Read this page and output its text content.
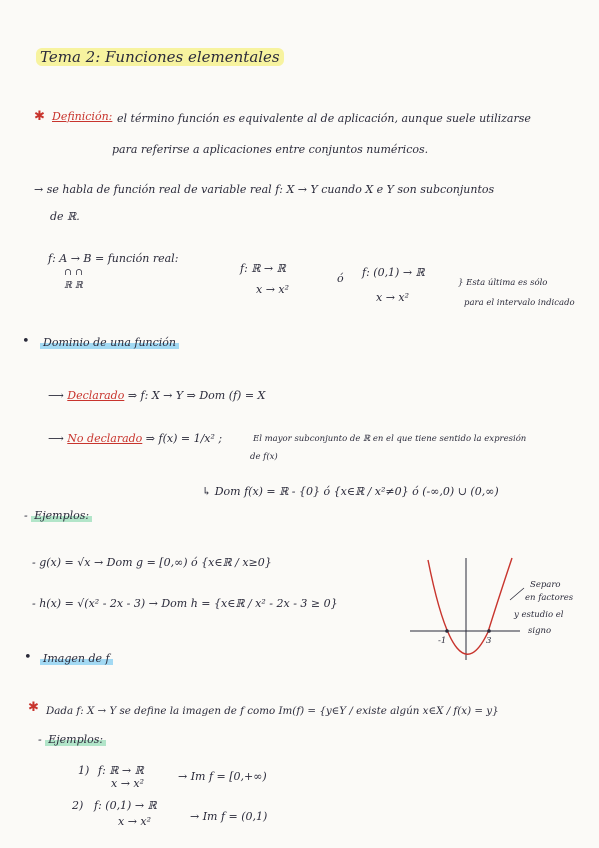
Tema 2: Funciones elementales
✱ Definición: el término función es equivalente al de aplicación, aunque suele utilizarse
para referirse a aplicaciones entre conjuntos numéricos.
→ se habla de función real de variable real f: X → Y cuando X e Y son subconjuntos
de ℝ.
f: A → B = función real:
∩ ∩
ℝ ℝ
f: ℝ → ℝ
x → x²
ó f: (0,1) → ℝ
x → x²
} Esta última es sólo
para el intervalo indicado
• Dominio de una función
⟶ Declarado ⇒ f: X → Y ⇒ Dom (f) = X
⟶ No declarado ⇒ f(x) = 1/x² ;	El mayor subconjunto de ℝ en el que tiene sentido la expresión
de f(x)
↳ Dom f(x) = ℝ - {0} ó {x∈ℝ / x²≠0} ó (-∞,0) ∪ (0,∞)
- Ejemplos:
- g(x) = √x → Dom g = [0,∞) ó {x∈ℝ / x≥0}
- h(x) = √(x² - 2x - 3) → Dom h = {x∈ℝ / x² - 2x - 3 ≥ 0}
-1	3
Separo
en factores
y estudio el
signo
• Imagen de f
✱ Dada f: X → Y se define la imagen de f como Im(f) = {y∈Y / existe algún x∈X / f(x) = y}
- Ejemplos:
1) f: ℝ → ℝ
x → x²
→ Im f = [0,+∞)
2) f: (0,1) → ℝ
x → x²	→ Im f = (0,1)
